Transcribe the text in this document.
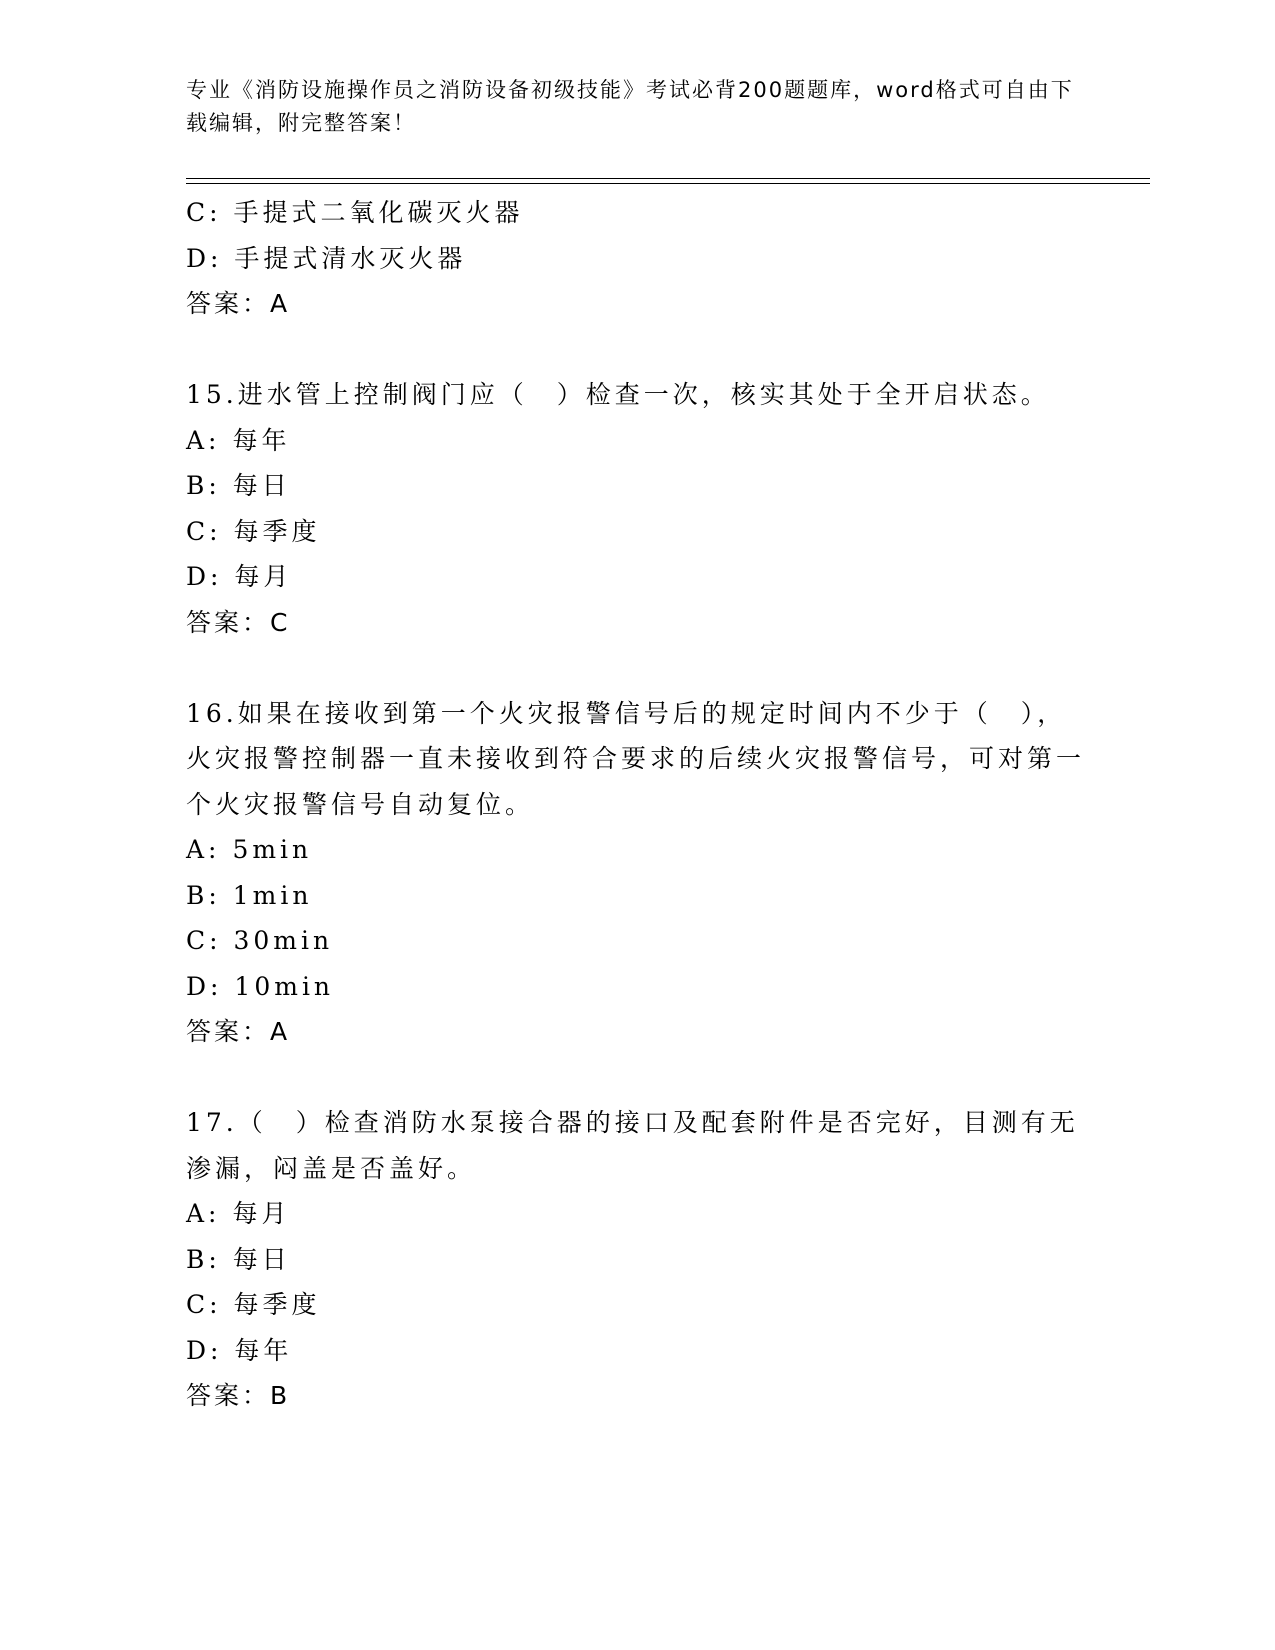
专业《消防设施操作员之消防设备初级技能》考试必背200题题库，word格式可自由下载编辑，附完整答案！
C: 手提式二氧化碳灭火器
D: 手提式清水灭火器
答案：A
15.进水管上控制阀门应（　）检查一次，核实其处于全开启状态。
A: 每年
B: 每日
C: 每季度
D: 每月
答案：C
16.如果在接收到第一个火灾报警信号后的规定时间内不少于（　），火灾报警控制器一直未接收到符合要求的后续火灾报警信号，可对第一个火灾报警信号自动复位。
A: 5min
B: 1min
C: 30min
D: 10min
答案：A
17.（　）检查消防水泵接合器的接口及配套附件是否完好，目测有无渗漏，闷盖是否盖好。
A: 每月
B: 每日
C: 每季度
D: 每年
答案：B
